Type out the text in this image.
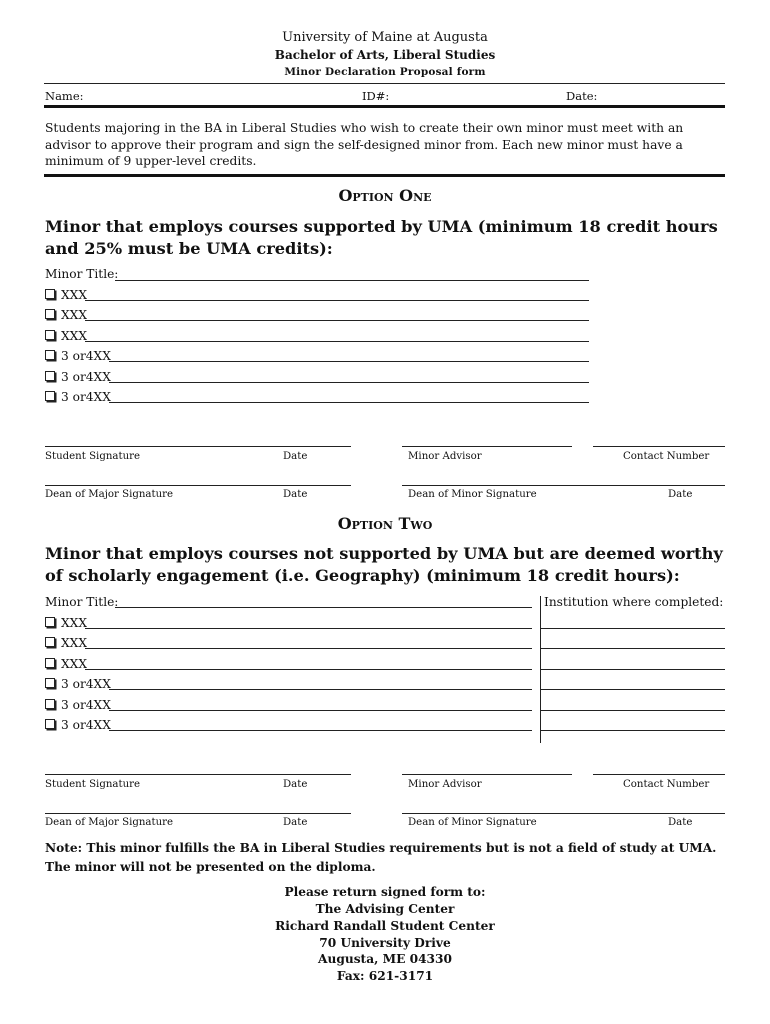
University of Maine at Augusta
Bachelor of Arts, Liberal Studies
Minor Declaration Proposal form
Name:	ID#:	Date:
Students majoring in the BA in Liberal Studies who wish to create their own minor must meet with an advisor to approve their program and sign the self-designed minor from. Each new minor must have a minimum of 9 upper-level credits.
Option One
Minor that employs courses supported by UMA (minimum 18 credit hours and 25% must be UMA credits):
Minor Title:
XXX
XXX
XXX
3 or4XX
3 or4XX
3 or4XX
Student Signature	Date	Minor Advisor	Contact Number
Dean of Major Signature	Date	Dean of Minor Signature	Date
Option Two
Minor that employs courses not supported by UMA but are deemed worthy of scholarly engagement (i.e. Geography) (minimum 18 credit hours):
Minor Title:	Institution where completed:
XXX
XXX
XXX
3 or4XX
3 or4XX
3 or4XX
Student Signature	Date	Minor Advisor	Contact Number
Dean of Major Signature	Date	Dean of Minor Signature	Date
Note: This minor fulfills the BA in Liberal Studies requirements but is not a field of study at UMA. The minor will not be presented on the diploma.
Please return signed form to:
The Advising Center
Richard Randall Student Center
70 University Drive
Augusta, ME 04330
Fax: 621-3171
